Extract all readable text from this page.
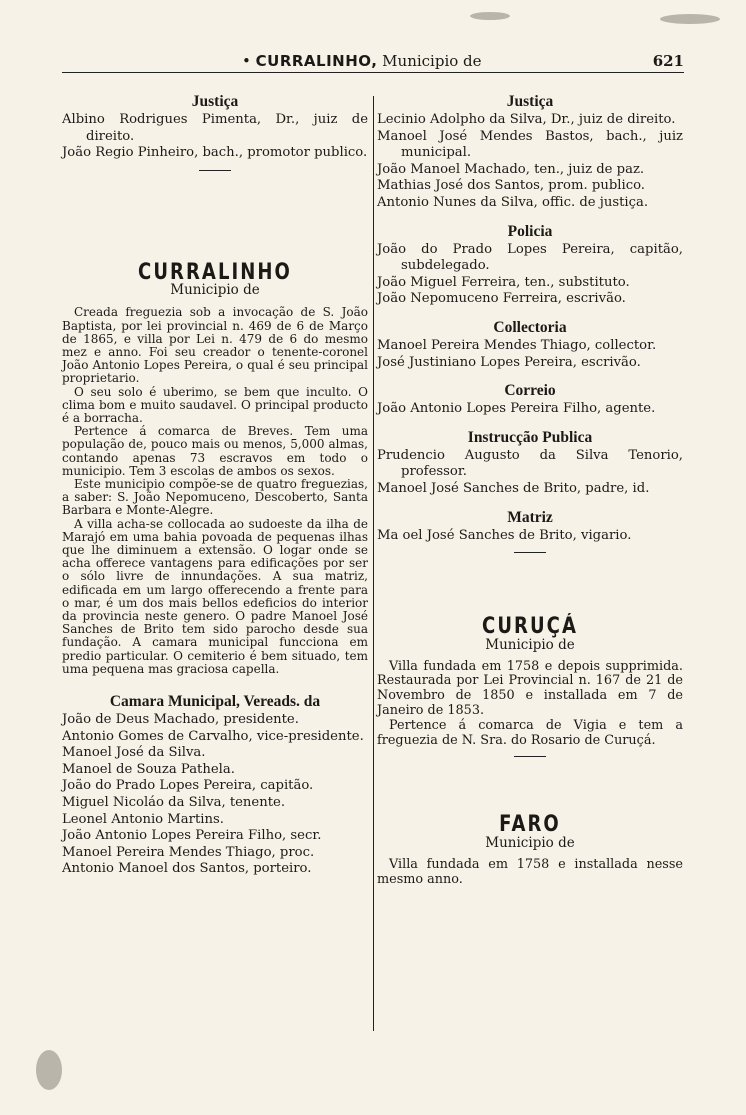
• CURRALINHO, Municipio de	621
Justiça
Albino Rodrigues Pimenta, Dr., juiz de direito.
João Regio Pinheiro, bach., promotor publico.
CURRALINHO
Municipio de
Creada freguezia sob a invocação de S. João Baptista, por lei provincial n. 469 de 6 de Março de 1865, e villa por Lei n. 479 de 6 do mesmo mez e anno. Foi seu creador o tenente-coronel João Antonio Lopes Pereira, o qual é seu principal proprietario.
O seu solo é uberimo, se bem que inculto. O clima bom e muito saudavel. O principal producto é a borracha.
Pertence á comarca de Breves. Tem uma população de, pouco mais ou menos, 5,000 almas, contando apenas 73 escravos em todo o municipio. Tem 3 escolas de ambos os sexos.
Este municipio compõe-se de quatro freguezias, a saber: S. João Nepomuceno, Descoberto, Santa Barbara e Monte-Alegre.
A villa acha-se collocada ao sudoeste da ilha de Marajó em uma bahia povoada de pequenas ilhas que lhe diminuem a extensão. O logar onde se acha offerece vantagens para edificações por ser o sólo livre de innundações. A sua matriz, edificada em um largo offerecendo a frente para o mar, é um dos mais bellos edeficios do interior da provincia neste genero. O padre Manoel José Sanches de Brito tem sido parocho desde sua fundação. A camara municipal funcciona em predio particular. O cemiterio é bem situado, tem uma pequena mas graciosa capella.
Camara Municipal, Vereads. da
João de Deus Machado, presidente.
Antonio Gomes de Carvalho, vice-presidente.
Manoel José da Silva.
Manoel de Souza Pathela.
João do Prado Lopes Pereira, capitão.
Miguel Nicoláo da Silva, tenente.
Leonel Antonio Martins.
João Antonio Lopes Pereira Filho, secr.
Manoel Pereira Mendes Thiago, proc.
Antonio Manoel dos Santos, porteiro.
Justiça
Lecinio Adolpho da Silva, Dr., juiz de direito.
Manoel José Mendes Bastos, bach., juiz municipal.
João Manoel Machado, ten., juiz de paz.
Mathias José dos Santos, prom. publico.
Antonio Nunes da Silva, offic. de justiça.
Policia
João do Prado Lopes Pereira, capitão, subdelegado.
João Miguel Ferreira, ten., substituto.
João Nepomuceno Ferreira, escrivão.
Collectoria
Manoel Pereira Mendes Thiago, collector.
José Justiniano Lopes Pereira, escrivão.
Correio
João Antonio Lopes Pereira Filho, agente.
Instrucção Publica
Prudencio Augusto da Silva Tenorio, professor.
Manoel José Sanches de Brito, padre, id.
Matriz
Ma oel José Sanches de Brito, vigario.
CURUÇÁ
Municipio de
Villa fundada em 1758 e depois supprimida. Restaurada por Lei Provincial n. 167 de 21 de Novembro de 1850 e installada em 7 de Janeiro de 1853.
Pertence á comarca de Vigia e tem a freguezia de N. Sra. do Rosario de Curuçá.
FARO
Municipio de
Villa fundada em 1758 e installada nesse mesmo anno.
